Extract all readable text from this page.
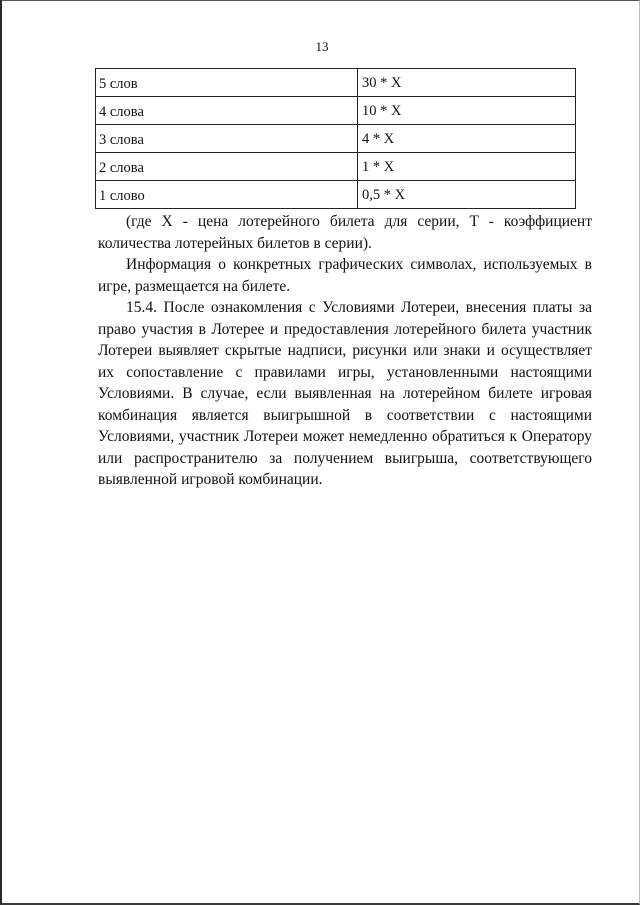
13
5 слов	30 * X
4 слова	10 * X
3 слова	4 * X
2 слова	1 * X
1 слово	0,5 * X

(где X - цена лотерейного билета для серии, T - коэффициент количества лотерейных билетов в серии).

Информация о конкретных графических символах, используемых в игре, размещается на билете.

15.4. После ознакомления с Условиями Лотереи, внесения платы за право участия в Лотерее и предоставления лотерейного билета участник Лотереи выявляет скрытые надписи, рисунки или знаки и осуществляет их сопоставление с правилами игры, установленными настоящими Условиями. В случае, если выявленная на лотерейном билете игровая комбинация является выигрышной в соответствии с настоящими Условиями, участник Лотереи может немедленно обратиться к Оператору или распространителю за получением выигрыша, соответствующего выявленной игровой комбинации.
